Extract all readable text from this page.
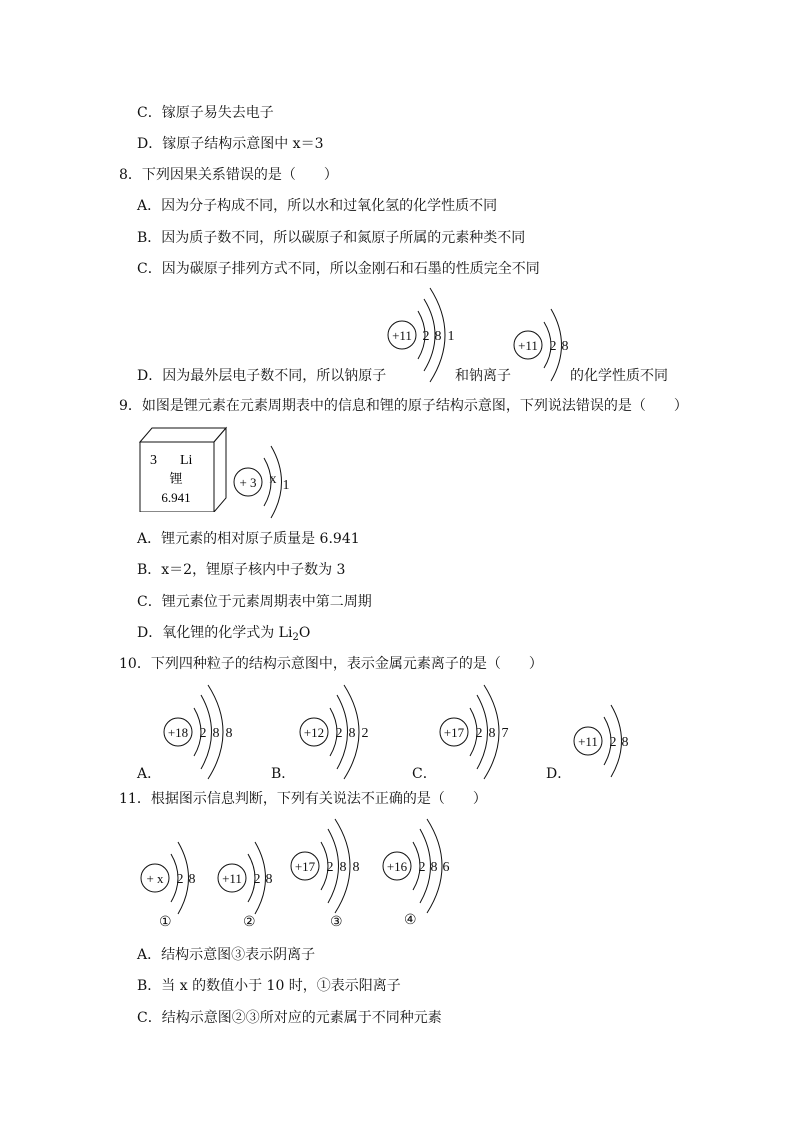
C．镓原子易失去电子
D．镓原子结构示意图中 x＝3
8．下列因果关系错误的是（　　）
A．因为分子构成不同，所以水和过氧化氢的化学性质不同
B．因为质子数不同，所以碳原子和氮原子所属的元素种类不同
C．因为碳原子排列方式不同，所以金刚石和石墨的性质完全不同
D．因为最外层电子数不同，所以钠原子	和钠离子	的化学性质不同
+11 2 8 1
+11 2 8
9．如图是锂元素在元素周期表中的信息和锂的原子结构示意图，下列说法错误的是（　　）
3 Li
锂
6.941
+ 3 x 1
A．锂元素的相对原子质量是 6.941
B．x＝2，锂原子核内中子数为 3
C．锂元素位于元素周期表中第二周期
D．氧化锂的化学式为 $Li_2O$
10．下列四种粒子的结构示意图中，表示金属元素离子的是（　　）
A．
+18 2 8 8
B．
+12 2 8 2
C．
+17 2 8 7
D．
+11 2 8
11．根据图示信息判断，下列有关说法不正确的是（　　）
+ x 2 8
①
+11 2 8
②
+17 2 8 8
③
+16 2 8 6
④
A．结构示意图③表示阴离子
B．当 x 的数值小于 10 时，①表示阳离子
C．结构示意图②③所对应的元素属于不同种元素
